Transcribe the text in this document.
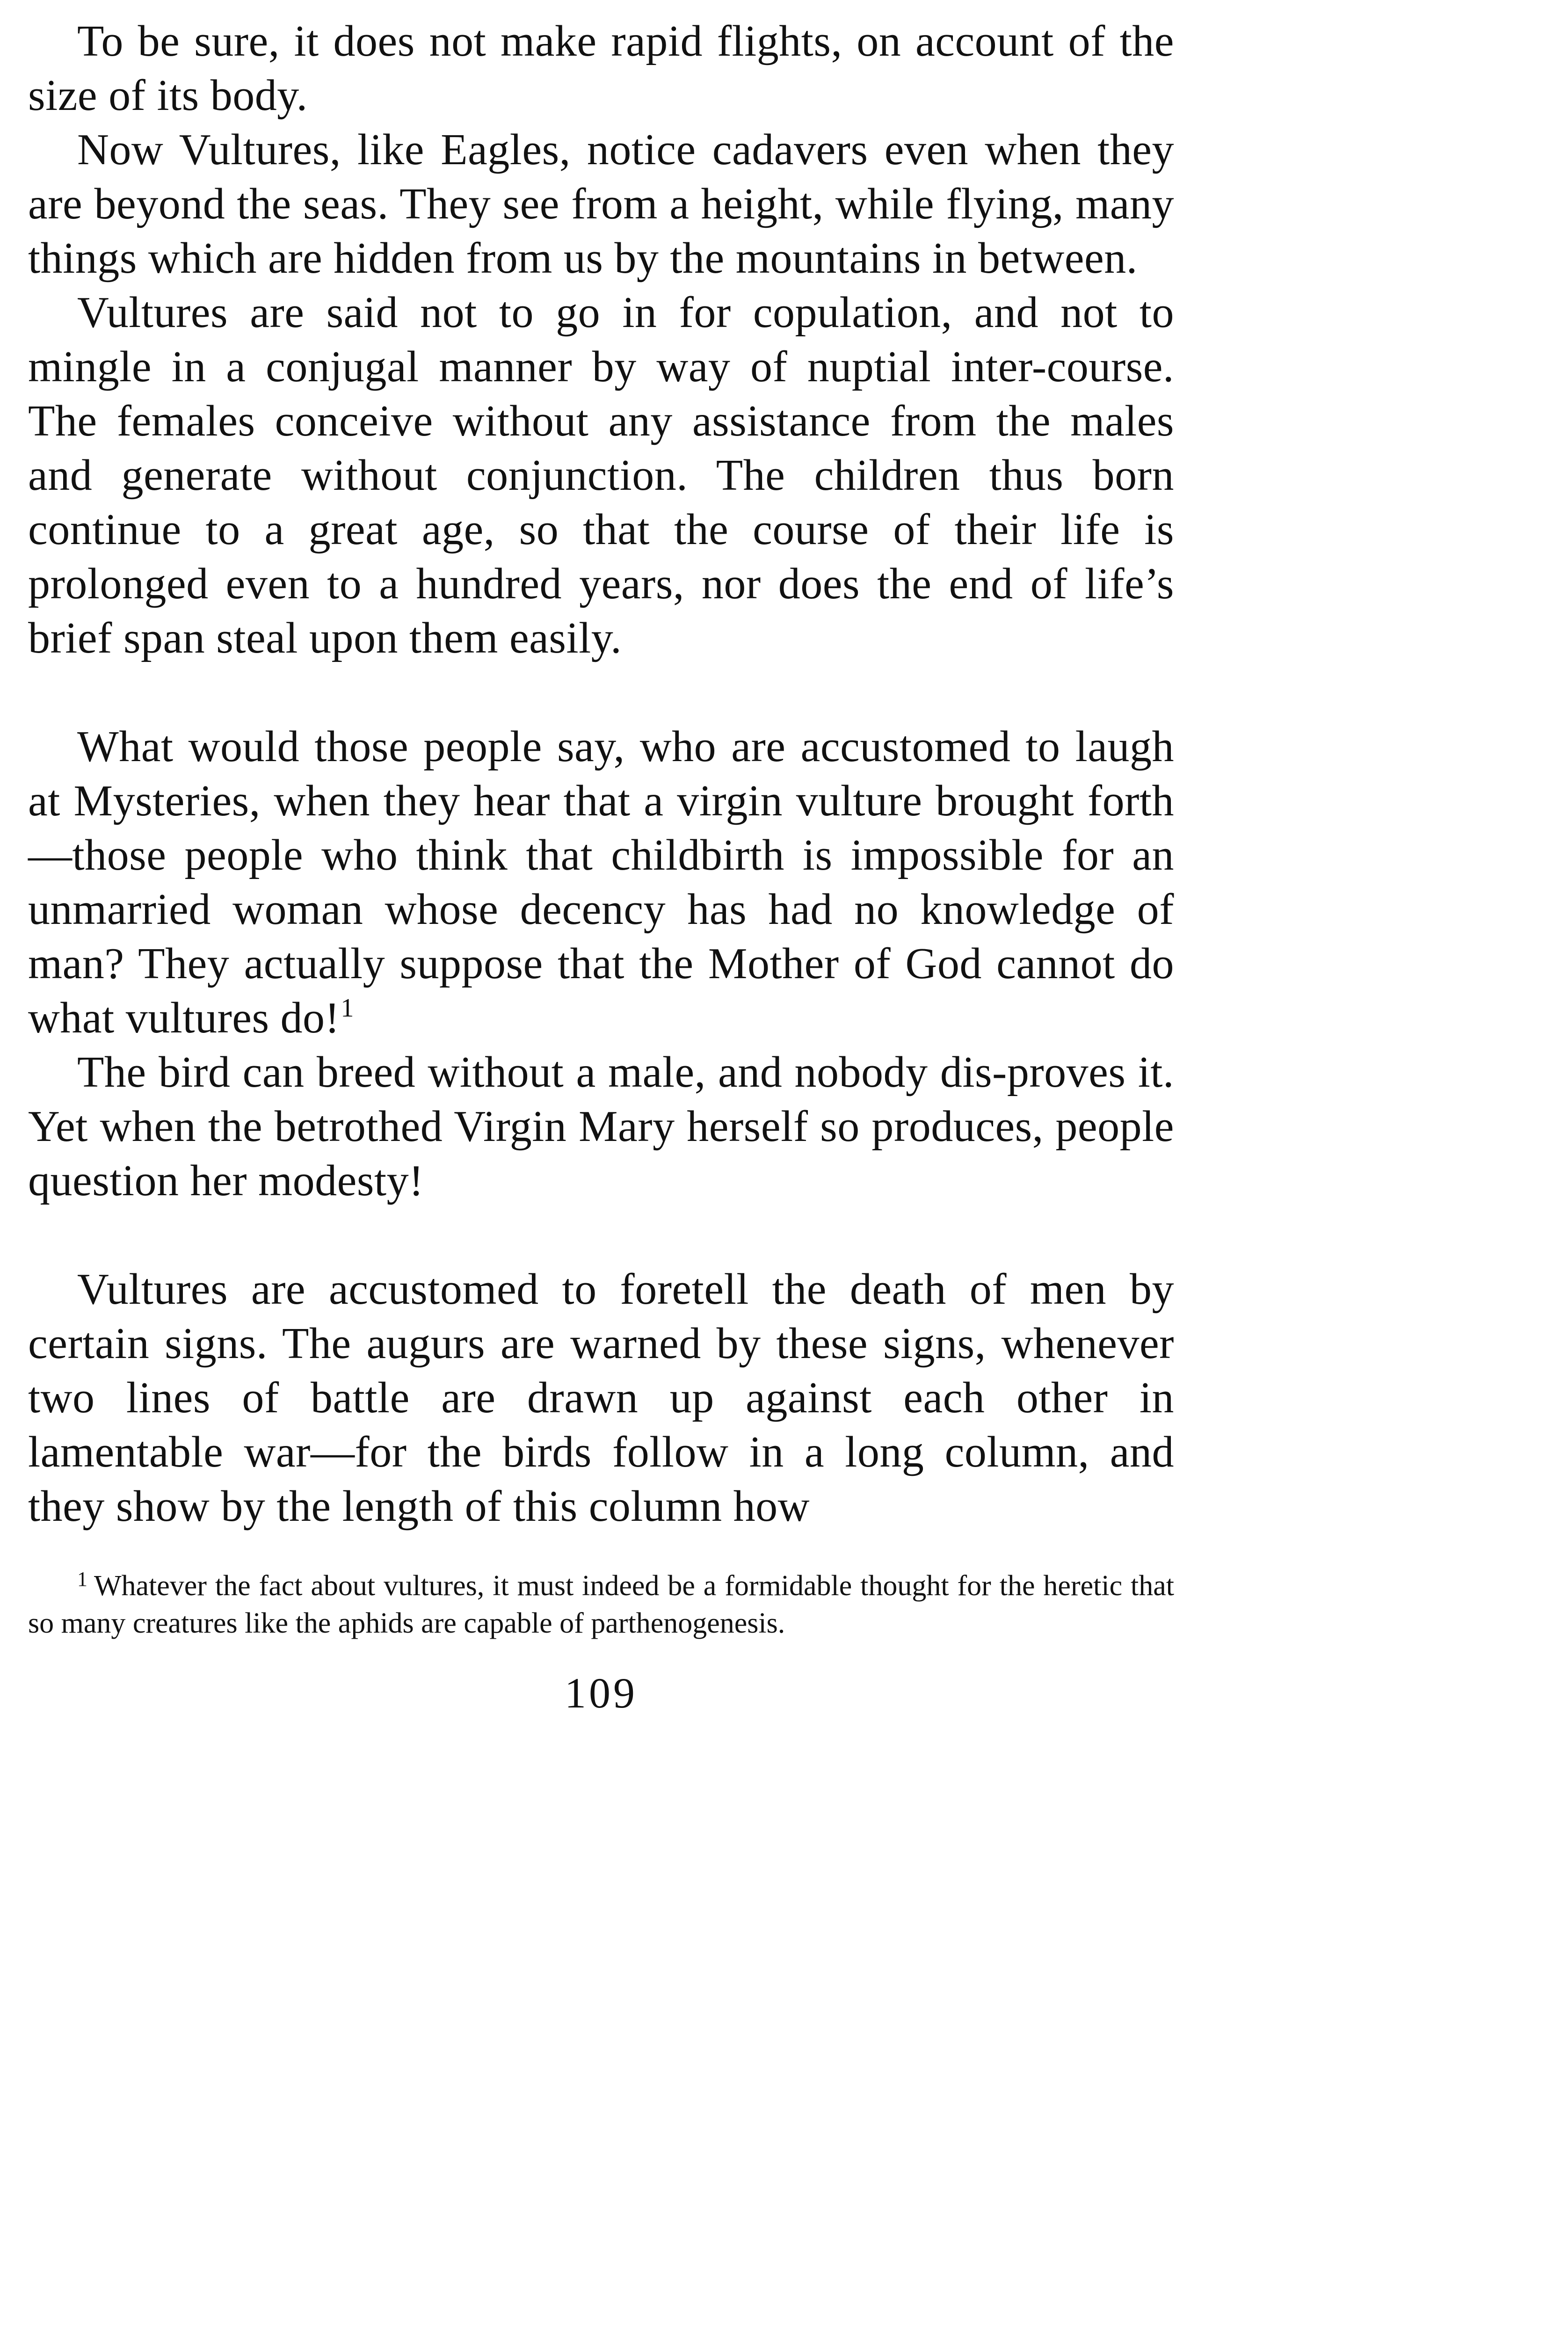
To be sure, it does not make rapid flights, on account of the size of its body.

Now Vultures, like Eagles, notice cadavers even when they are beyond the seas. They see from a height, while flying, many things which are hidden from us by the mountains in between.

Vultures are said not to go in for copulation, and not to mingle in a conjugal manner by way of nuptial inter-course. The females conceive without any assistance from the males and generate without conjunction. The children thus born continue to a great age, so that the course of their life is prolonged even to a hundred years, nor does the end of life’s brief span steal upon them easily.

What would those people say, who are accustomed to laugh at Mysteries, when they hear that a virgin vulture brought forth—those people who think that childbirth is impossible for an unmarried woman whose decency has had no knowledge of man? They actually suppose that the Mother of God cannot do what vultures do!$^1$

The bird can breed without a male, and nobody dis-proves it. Yet when the betrothed Virgin Mary herself so produces, people question her modesty!

Vultures are accustomed to foretell the death of men by certain signs. The augurs are warned by these signs, whenever two lines of battle are drawn up against each other in lamentable war—for the birds follow in a long column, and they show by the length of this column how

$^1$ Whatever the fact about vultures, it must indeed be a formidable thought for the heretic that so many creatures like the aphids are capable of parthenogenesis.
109
